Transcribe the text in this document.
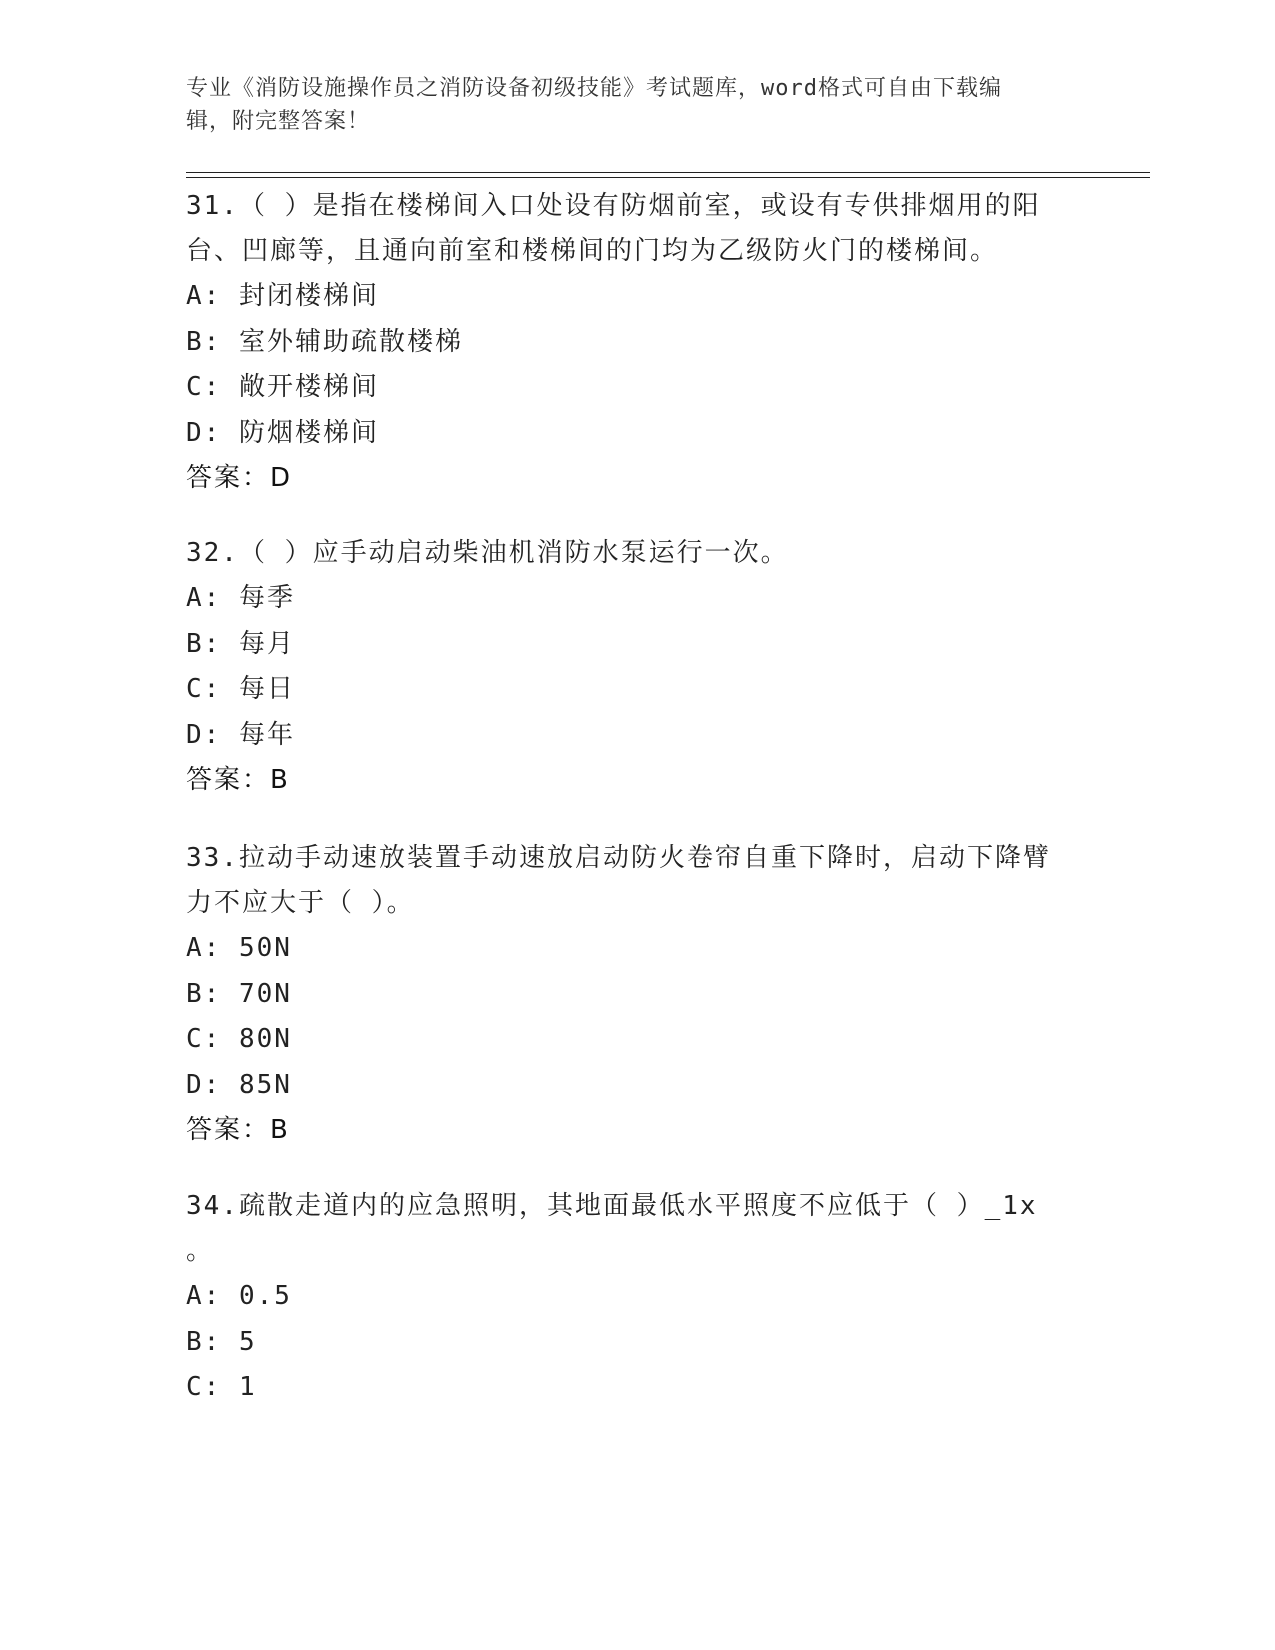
专业《消防设施操作员之消防设备初级技能》考试题库，word格式可自由下载编
辑，附完整答案！
31.（ ）是指在楼梯间入口处设有防烟前室，或设有专供排烟用的阳
台、凹廊等，且通向前室和楼梯间的门均为乙级防火门的楼梯间。
A: 封闭楼梯间
B: 室外辅助疏散楼梯
C: 敞开楼梯间
D: 防烟楼梯间
答案：D
32.（ ）应手动启动柴油机消防水泵运行一次。
A: 每季
B: 每月
C: 每日
D: 每年
答案：B
33.拉动手动速放装置手动速放启动防火卷帘自重下降时，启动下降臂
力不应大于（ ）。
A: 50N
B: 70N
C: 80N
D: 85N
答案：B
34.疏散走道内的应急照明，其地面最低水平照度不应低于（ ）_1x
。
A: 0.5
B: 5
C: 1
